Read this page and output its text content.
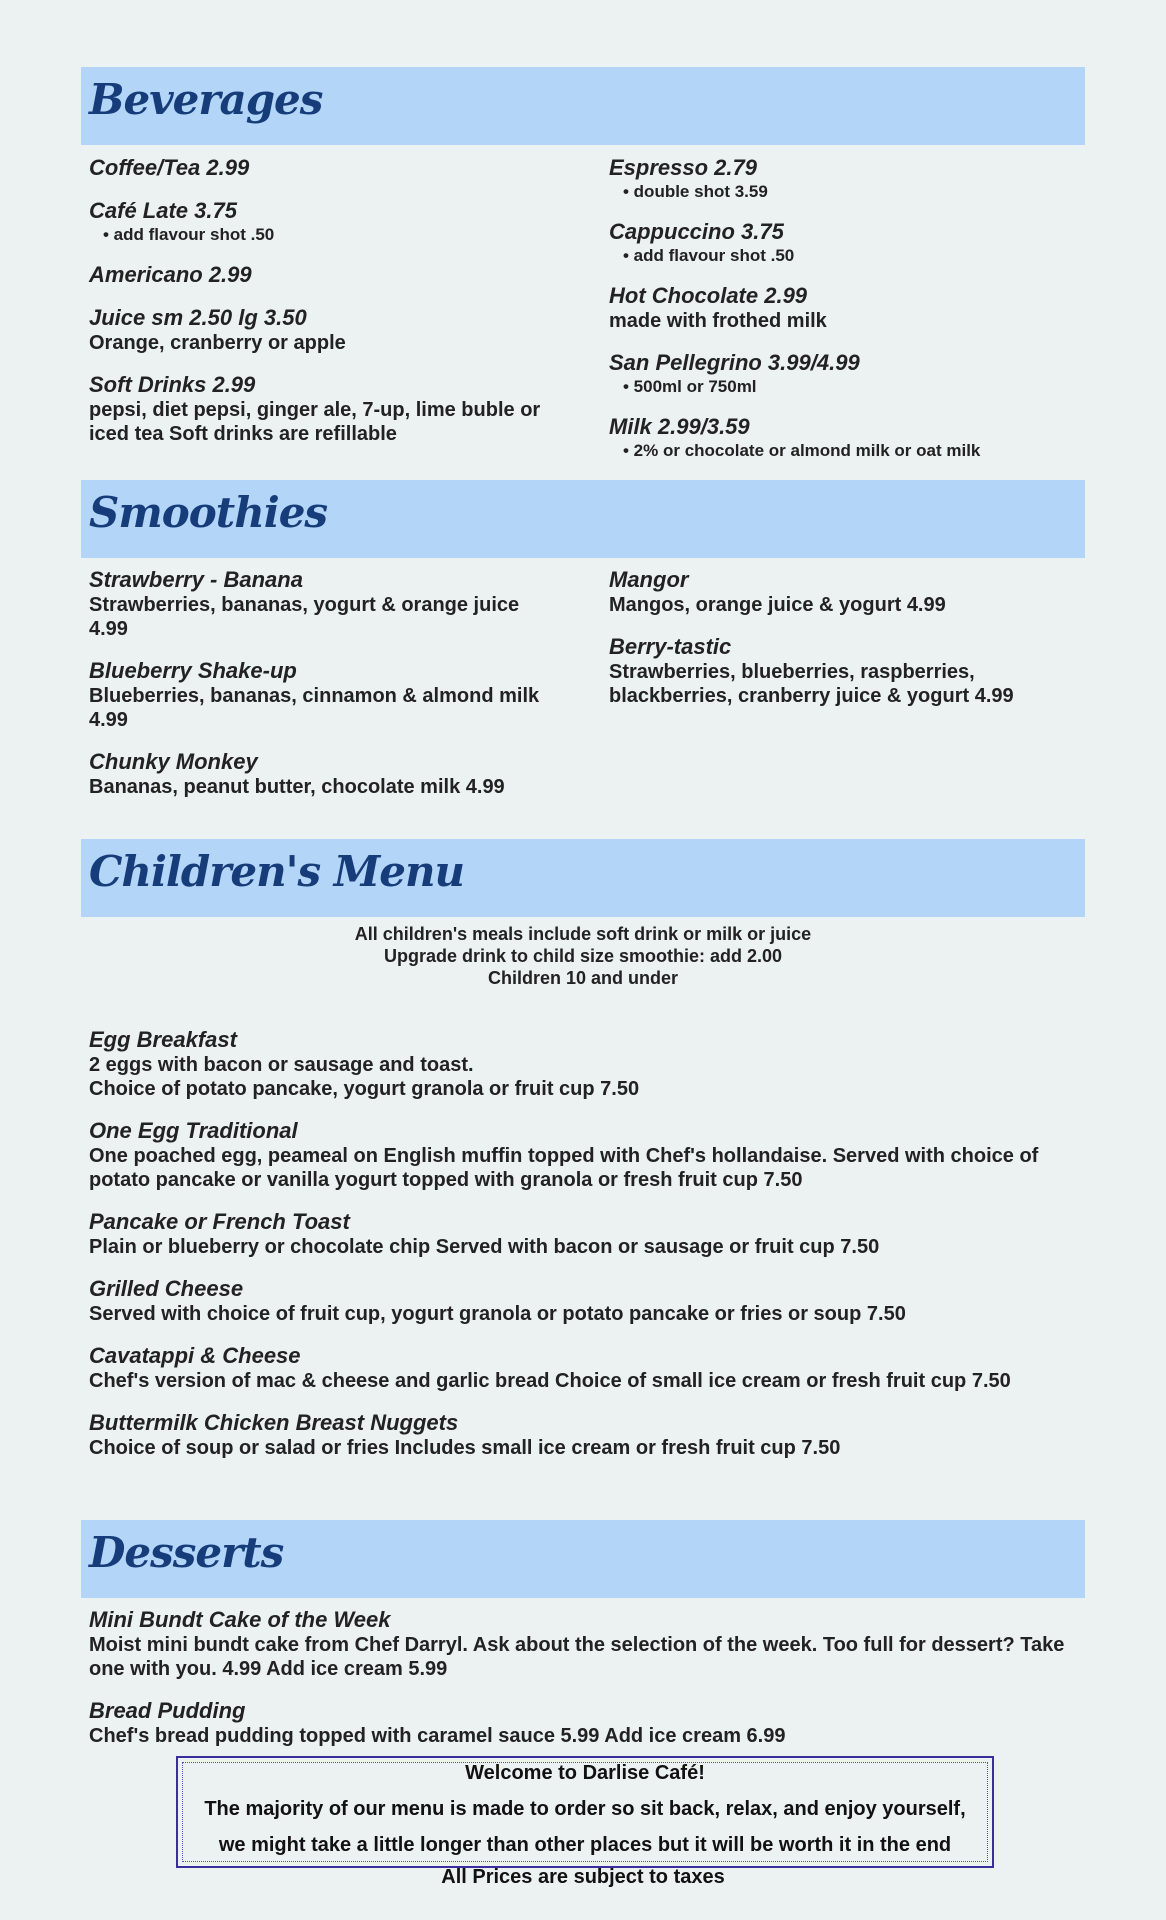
Beverages
Coffee/Tea 2.99
Café Late 3.75
• add flavour shot .50
Americano 2.99
Juice sm 2.50 lg 3.50
Orange, cranberry or apple
Soft Drinks 2.99
pepsi, diet pepsi, ginger ale, 7-up, lime buble or iced tea Soft drinks are refillable
Espresso 2.79
• double shot 3.59
Cappuccino 3.75
• add flavour shot .50
Hot Chocolate 2.99
made with frothed milk
San Pellegrino 3.99/4.99
• 500ml or 750ml
Milk 2.99/3.59
• 2% or chocolate or almond milk or oat milk
Smoothies
Strawberry - Banana
Strawberries, bananas, yogurt & orange juice 4.99
Blueberry Shake-up
Blueberries, bananas, cinnamon & almond milk 4.99
Chunky Monkey
Bananas, peanut butter, chocolate milk 4.99
Mangor
Mangos, orange juice & yogurt 4.99
Berry-tastic
Strawberries, blueberries, raspberries, blackberries, cranberry juice & yogurt 4.99
Children's Menu
All children's meals include soft drink or milk or juice
Upgrade drink to child size smoothie: add 2.00
Children 10 and under
Egg Breakfast
2 eggs with bacon or sausage and toast.
Choice of potato pancake, yogurt granola or fruit cup 7.50
One Egg Traditional
One poached egg, peameal on English muffin topped with Chef's hollandaise. Served with choice of potato pancake or vanilla yogurt topped with granola or fresh fruit cup 7.50
Pancake or French Toast
Plain or blueberry or chocolate chip Served with bacon or sausage or fruit cup 7.50
Grilled Cheese
Served with choice of fruit cup, yogurt granola or potato pancake or fries or soup 7.50
Cavatappi & Cheese
Chef's version of mac & cheese and garlic bread Choice of small ice cream or fresh fruit cup 7.50
Buttermilk Chicken Breast Nuggets
Choice of soup or salad or fries Includes small ice cream or fresh fruit cup 7.50
Desserts
Mini Bundt Cake of the Week
Moist mini bundt cake from Chef Darryl. Ask about the selection of the week. Too full for dessert? Take one with you. 4.99 Add ice cream 5.99
Bread Pudding
Chef's bread pudding topped with caramel sauce 5.99 Add ice cream 6.99
Welcome to Darlise Café!
The majority of our menu is made to order so sit back, relax, and enjoy yourself,
we might take a little longer than other places but it will be worth it in the end
All Prices are subject to taxes
